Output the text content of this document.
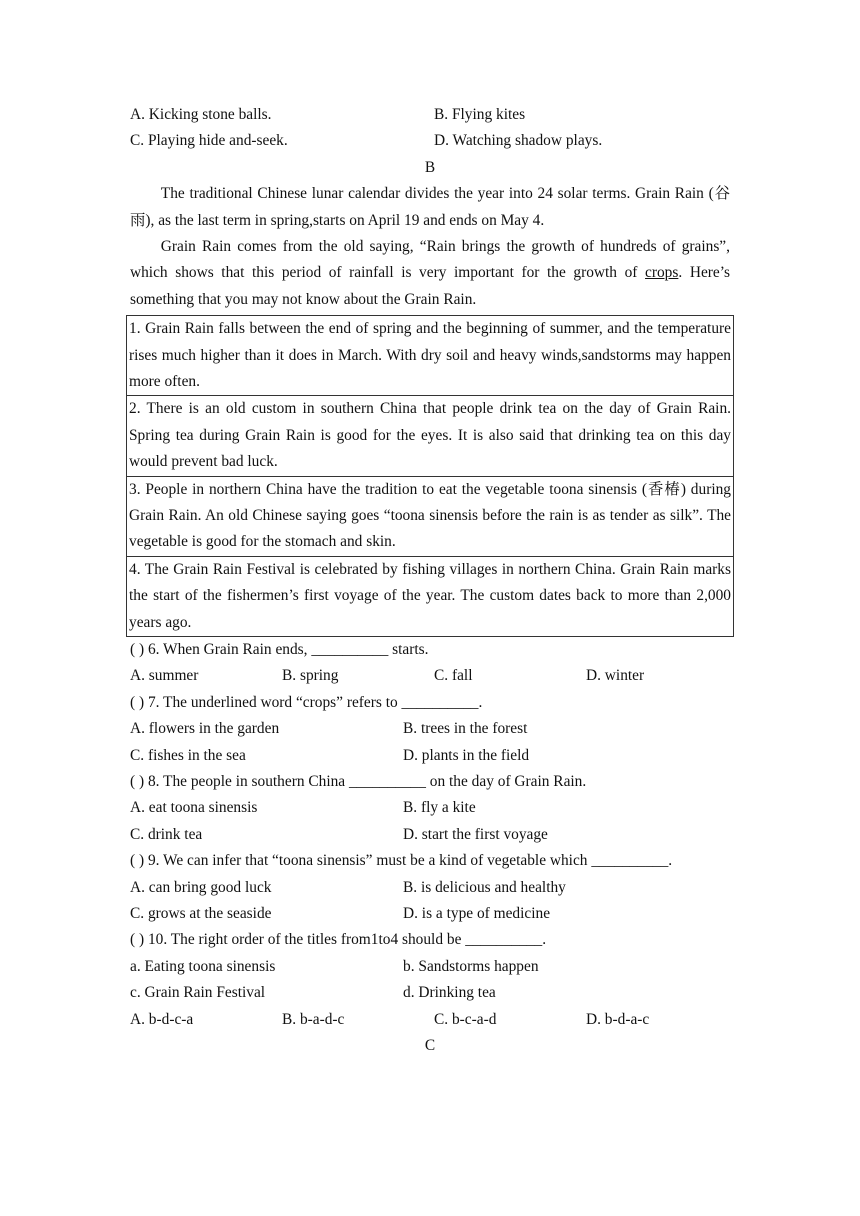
A. Kicking stone balls.	B. Flying kites
C. Playing hide and-seek.	D. Watching shadow plays.
B
The traditional Chinese lunar calendar divides the year into 24 solar terms. Grain Rain (谷雨), as the last term in spring,starts on April 19 and ends on May 4.
Grain Rain comes from the old saying, “Rain brings the growth of hundreds of grains”, which shows that this period of rainfall is very important for the growth of crops. Here’s something that you may not know about the Grain Rain.
1. Grain Rain falls between the end of spring and the beginning of summer, and the temperature rises much higher than it does in March. With dry soil and heavy winds,sandstorms may happen more often.
2. There is an old custom in southern China that people drink tea on the day of Grain Rain. Spring tea during Grain Rain is good for the eyes. It is also said that drinking tea on this day would prevent bad luck.
3. People in northern China have the tradition to eat the vegetable toona sinensis (香椿) during Grain Rain. An old Chinese saying goes “toona sinensis before the rain is as tender as silk”. The vegetable is good for the stomach and skin.
4. The Grain Rain Festival is celebrated by fishing villages in northern China. Grain Rain marks the start of the fishermen’s first voyage of the year. The custom dates back to more than 2,000 years ago.
( ) 6. When Grain Rain ends, __________ starts.
A. summer	B. spring	C. fall	D. winter
( ) 7. The underlined word “crops” refers to __________.
A. flowers in the garden	B. trees in the forest
C. fishes in the sea	D. plants in the field
( ) 8. The people in southern China __________ on the day of Grain Rain.
A. eat toona sinensis	B. fly a kite
C. drink tea	D. start the first voyage
( ) 9. We can infer that “toona sinensis” must be a kind of vegetable which __________.
A. can bring good luck	B. is delicious and healthy
C. grows at the seaside	D. is a type of medicine
( ) 10. The right order of the titles from1to4 should be __________.
a. Eating toona sinensis	b. Sandstorms happen
c. Grain Rain Festival	d. Drinking tea
A. b-d-c-a	B. b-a-d-c	C. b-c-a-d	D. b-d-a-c
C
